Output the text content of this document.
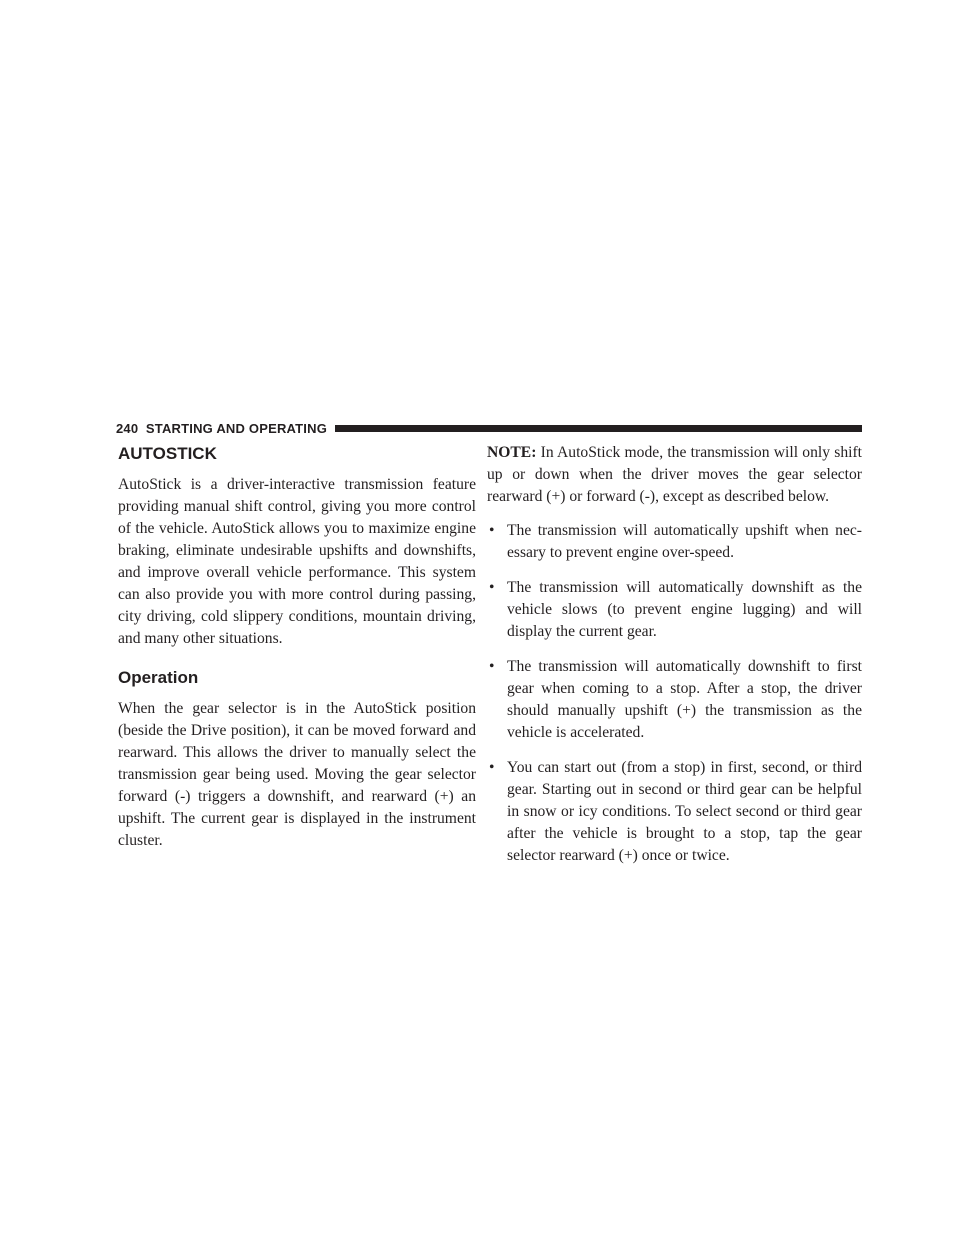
240 STARTING AND OPERATING
AUTOSTICK

AutoStick is a driver-interactive transmission feature providing manual shift control, giving you more control of the vehicle. AutoStick allows you to maximize engine braking, eliminate undesirable upshifts and downshifts, and improve overall vehicle performance. This system can also provide you with more control during passing, city driving, cold slippery conditions, mountain driving, and many other situations.

Operation

When the gear selector is in the AutoStick position (beside the Drive position), it can be moved forward and rearward. This allows the driver to manually select the transmission gear being used. Moving the gear selector forward (-) triggers a downshift, and rearward (+) an upshift. The current gear is displayed in the instrument cluster.

NOTE: In AutoStick mode, the transmission will only shift up or down when the driver moves the gear selector rearward (+) or forward (-), except as described below.

• The transmission will automatically upshift when nec-essary to prevent engine over-speed.
• The transmission will automatically downshift as the vehicle slows (to prevent engine lugging) and will display the current gear.
• The transmission will automatically downshift to first gear when coming to a stop. After a stop, the driver should manually upshift (+) the transmission as the vehicle is accelerated.
• You can start out (from a stop) in first, second, or third gear. Starting out in second or third gear can be helpful in snow or icy conditions. To select second or third gear after the vehicle is brought to a stop, tap the gear selector rearward (+) once or twice.
